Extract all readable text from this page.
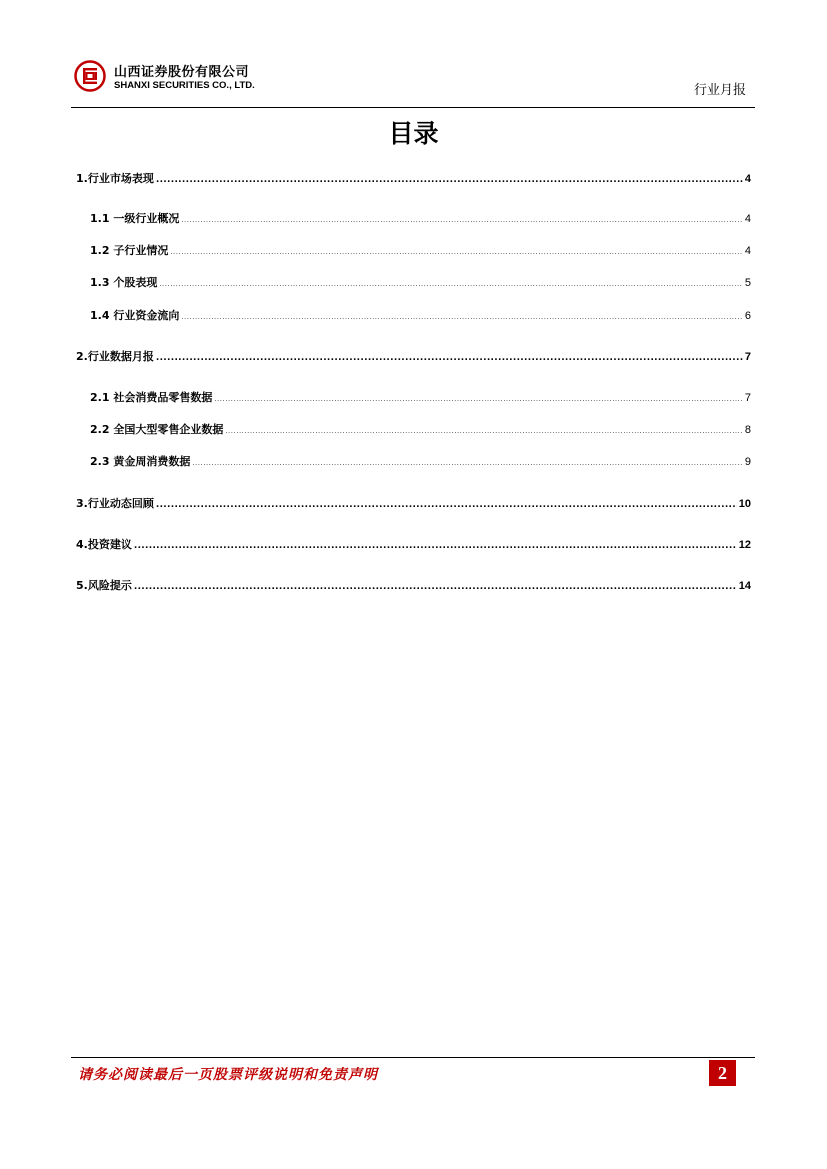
山西证券股份有限公司
SHANXI SECURITIES CO., LTD.	行业月报
目录
1.行业市场表现 .....	4
1.1 一级行业概况 .....	4
1.2 子行业情况 .....	4
1.3 个股表现 .....	5
1.4 行业资金流向 .....	6
2.行业数据月报 .....	7
2.1 社会消费品零售数据 .....	7
2.2 全国大型零售企业数据 .....	8
2.3 黄金周消费数据 .....	9
3.行业动态回顾 .....	10
4.投资建议 .....	12
5.风险提示 .....	14
请务必阅读最后一页股票评级说明和免责声明	2
